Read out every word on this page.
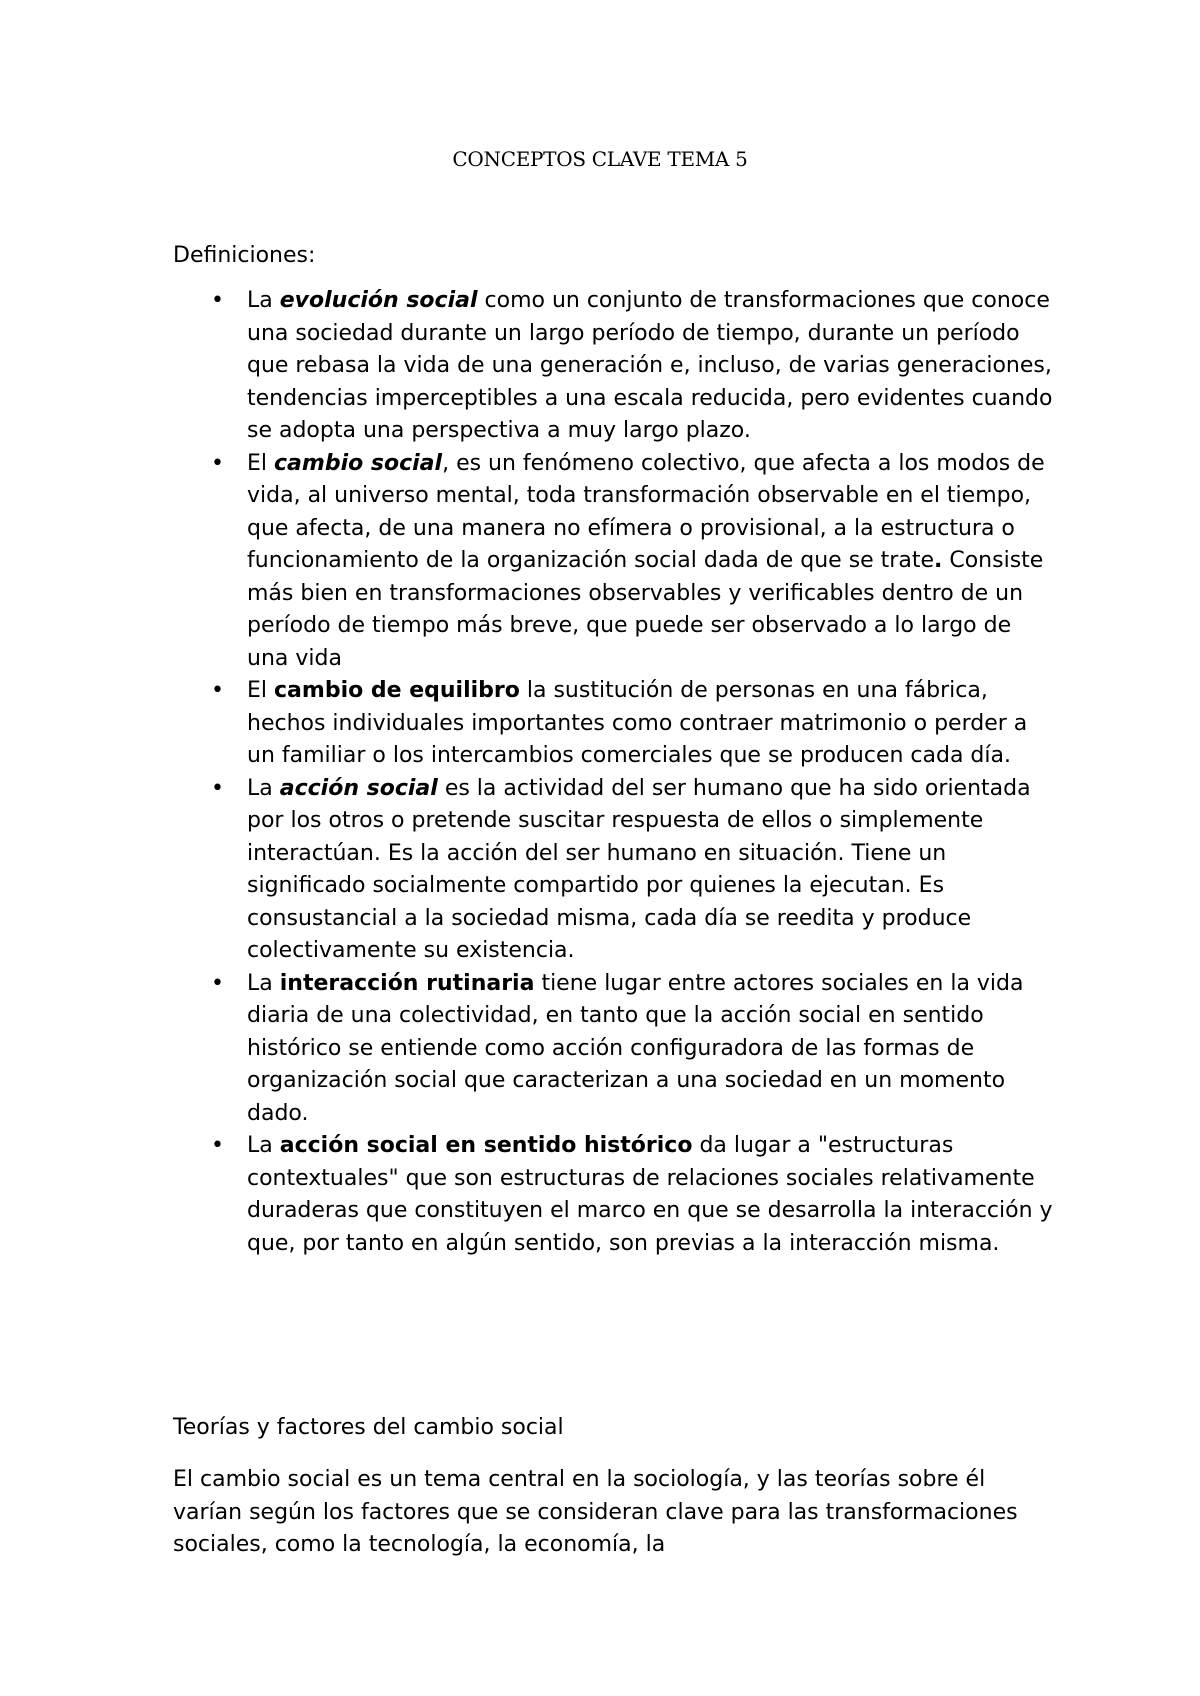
CONCEPTOS CLAVE TEMA 5

Definiciones:

• La evolución social como un conjunto de transformaciones que conoce una sociedad durante un largo período de tiempo, durante un período que rebasa la vida de una generación e, incluso, de varias generaciones, tendencias imperceptibles a una escala reducida, pero evidentes cuando se adopta una perspectiva a muy largo plazo.
• El cambio social, es un fenómeno colectivo, que afecta a los modos de vida, al universo mental, toda transformación observable en el tiempo,
que afecta, de una manera no efímera o provisional, a la estructura o funcionamiento de la organización social dada de que se trate. Consiste más bien en transformaciones observables y verificables dentro de un período de tiempo más breve, que puede ser observado a lo largo de una vida
• El cambio de equilibro la sustitución de personas en una fábrica, hechos individuales importantes como contraer matrimonio o perder a un familiar o los intercambios comerciales que se producen cada día.
• La acción social es la actividad del ser humano que ha sido orientada por los otros o pretende suscitar respuesta de ellos o simplemente interactúan. Es la acción del ser humano en situación. Tiene un significado socialmente compartido por quienes la ejecutan. Es consustancial a la sociedad misma, cada día se reedita y produce colectivamente su existencia.
• La interacción rutinaria tiene lugar entre actores sociales en la vida diaria de una colectividad, en tanto que la acción social en sentido histórico se entiende como acción configuradora de las formas de organización social que caracterizan a una sociedad en un momento dado.
• La acción social en sentido histórico da lugar a "estructuras contextuales" que son estructuras de relaciones sociales relativamente duraderas que constituyen el marco en que se desarrolla la interacción y que, por tanto en algún sentido, son previas a la interacción misma.
Teorías y factores del cambio social

El cambio social es un tema central en la sociología, y las teorías sobre él varían según los factores que se consideran clave para las transformaciones sociales, como la tecnología, la economía, la
